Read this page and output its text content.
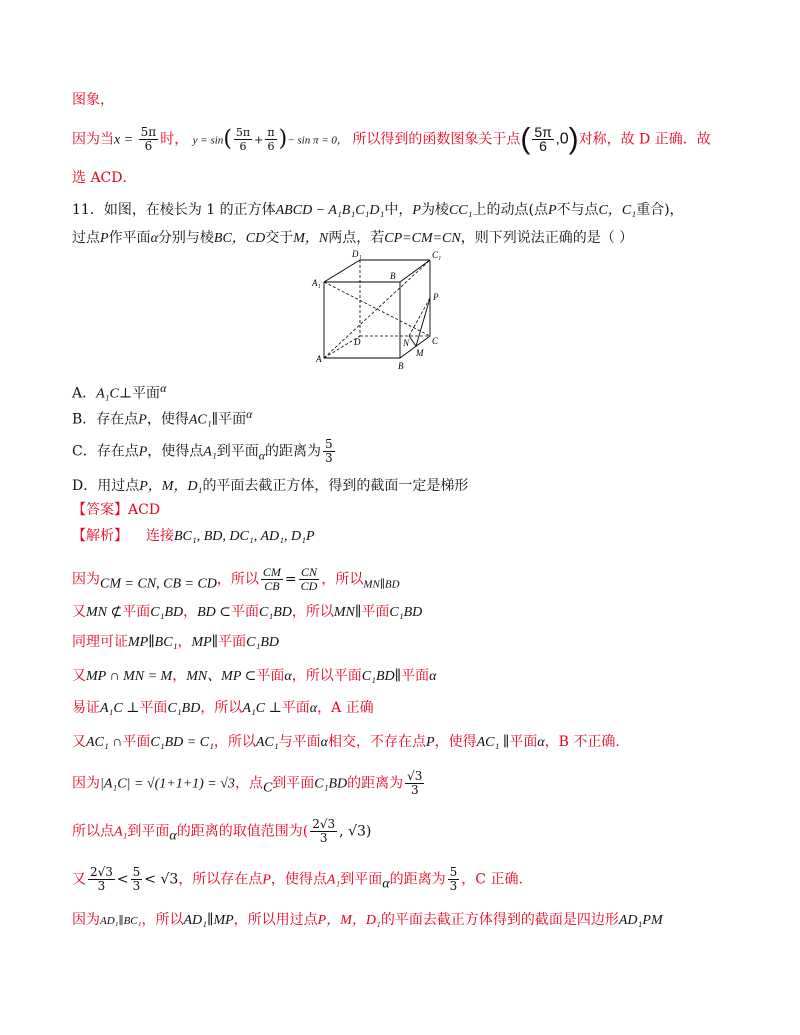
图象，
因为当$x = \frac{5\pi}{6}$ 时， $y = \sin( \frac{5\pi}{6} + \frac{\pi}{6}$ )− sin π = 0， 所以得到的函数图象关于点( $\frac{5\pi}{6} ,0$)对称，故 D 正确．故
选 ACD．
11．如图，在棱长为 1 的正方体ABCD − A₁B₁C₁D₁中，P为棱CC₁上的动点(点P不与点C，C₁重合)，
过点P作平面α分别与棱BC，CD交于M，N两点，若CP=CM=CN，则下列说法正确的是（ ）
D₁	C₁
A₁
B
P
D	N	C
M
A
B
A．A₁C⊥平面α
B．存在点P，使得AC₁∥平面α
C．存在点P，使得点A₁到平面α的距离为 $\frac{5}{3}$
D．用过点P，M，D₁的平面去截正方体，得到的截面一定是梯形
【答案】ACD
【解析】 连接BC₁, BD, DC₁, AD₁, D₁P
因为CM = CN, CB = CD，所以 $\frac{CM}{CB} = \frac{CN}{CD}$ ，所以$_{MN\parallel BD}$
又MN ⊄平面C₁BD，BD ⊂平面C₁BD，所以MN∥平面C₁BD
同理可证MP∥BC₁，MP∥平面C₁BD
又MP ∩ MN = M，MN、MP ⊂平面α，所以平面C₁BD∥平面α
易证A₁C ⊥平面C₁BD，所以A₁C ⊥平面α，A 正确
又AC₁ ∩平面C₁BD = C₁，所以AC₁与平面α相交，不存在点P，使得AC₁ ∥平面α，B 不正确.
因为|A₁C| = √(1+1+1) = √3，点C到平面C₁BD的距离为 $\frac{√3}{3}$
所以点A₁到平面α的距离的取值范围为( $\frac{2√3}{3}$ , √3)
又 $\frac{2√3}{3} < \frac{5}{3} < √3$，所以存在点P，使得点A₁到平面α的距离为 $\frac{5}{3}$ ，C 正确.
因为AD₁∥BC₁，所以AD₁∥MP，所以用过点P，M，D₁的平面去截正方体得到的截面是四边形AD₁PM
